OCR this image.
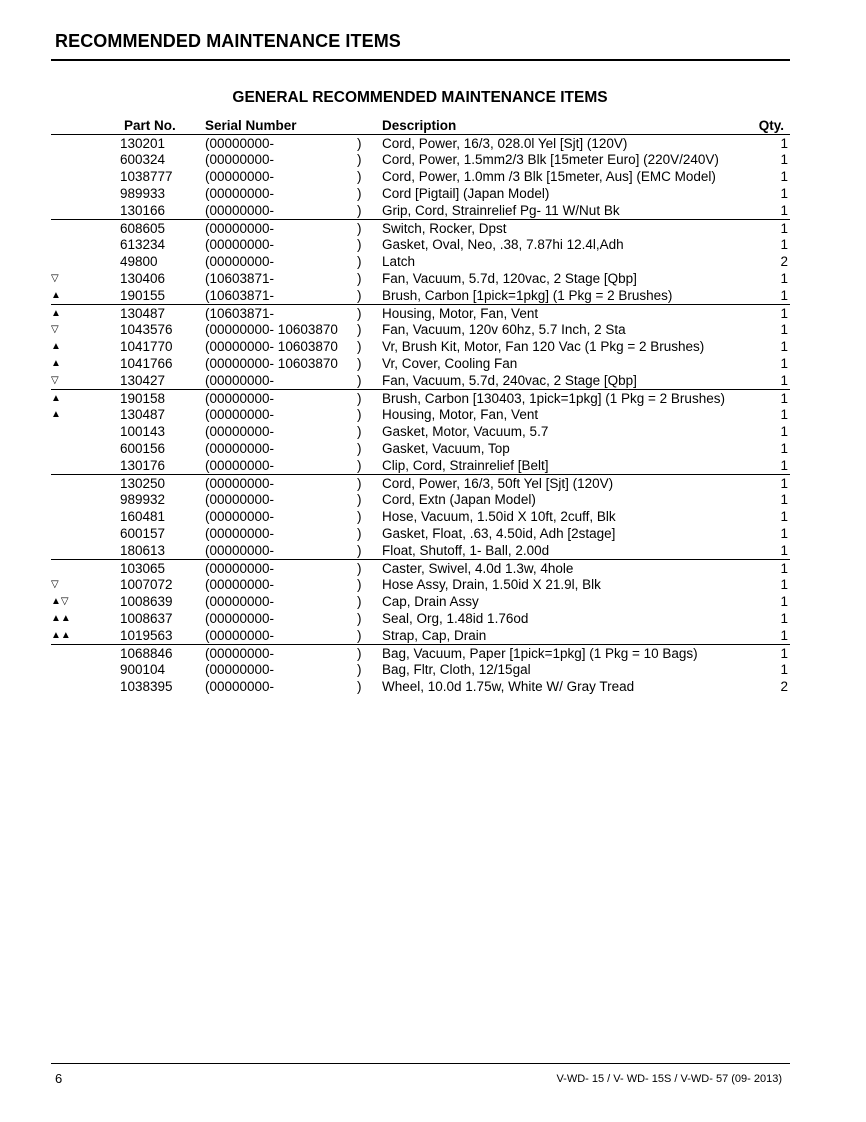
RECOMMENDED MAINTENANCE ITEMS
GENERAL RECOMMENDED MAINTENANCE ITEMS
Part No. Serial Number	Description	Qty.
130201	(00000000-	) Cord, Power, 16/3, 028.0l Yel [Sjt] (120V)	1
600324	(00000000-	) Cord, Power, 1.5mm2/3 Blk [15meter Euro] (220V/240V)	1
1038777 (00000000-	) Cord, Power, 1.0mm /3 Blk [15meter, Aus] (EMC Model)	1
989933	(00000000-	) Cord [Pigtail] (Japan Model)	1
130166	(00000000-	) Grip, Cord, Strainrelief Pg- 11 W/Nut Bk	1
608605	(00000000-	) Switch, Rocker, Dpst	1
613234	(00000000-	) Gasket, Oval, Neo, .38, 7.87hi 12.4l,Adh	1
49800	(00000000-	) Latch	2
▽	130406	(10603871-	) Fan, Vacuum, 5.7d, 120vac, 2 Stage [Qbp]	1
▲	190155	(10603871-	) Brush, Carbon [1pick=1pkg] (1 Pkg = 2 Brushes)	1
▲	130487	(10603871-	) Housing, Motor, Fan, Vent	1
▽	1043576 (00000000- 10603870 ) Fan, Vacuum, 120v 60hz, 5.7 Inch, 2 Sta	1
▲	1041770 (00000000- 10603870 ) Vr, Brush Kit, Motor, Fan 120 Vac (1 Pkg = 2 Brushes)	1
▲	1041766 (00000000- 10603870 ) Vr, Cover, Cooling Fan	1
▽	130427	(00000000-	) Fan, Vacuum, 5.7d, 240vac, 2 Stage [Qbp]	1
▲	190158	(00000000-	) Brush, Carbon [130403, 1pick=1pkg] (1 Pkg = 2 Brushes)	1
▲	130487	(00000000-	) Housing, Motor, Fan, Vent	1
100143	(00000000-	) Gasket, Motor, Vacuum, 5.7	1
600156	(00000000-	) Gasket, Vacuum, Top	1
130176	(00000000-	) Clip, Cord, Strainrelief [Belt]	1
130250	(00000000-	) Cord, Power, 16/3, 50ft Yel [Sjt] (120V)	1
989932	(00000000-	) Cord, Extn (Japan Model)	1
160481	(00000000-	) Hose, Vacuum, 1.50id X 10ft, 2cuff, Blk	1
600157	(00000000-	) Gasket, Float, .63, 4.50id, Adh [2stage]	1
180613	(00000000-	) Float, Shutoff, 1- Ball, 2.00d	1
103065	(00000000-	) Caster, Swivel, 4.0d 1.3w, 4hole	1
▽	1007072 (00000000-	) Hose Assy, Drain, 1.50id X 21.9l, Blk	1
▲▽	1008639 (00000000-	) Cap, Drain Assy	1
▲▲	1008637 (00000000-	) Seal, Org, 1.48id 1.76od	1
▲▲	1019563 (00000000-	) Strap, Cap, Drain	1
1068846 (00000000-	) Bag, Vacuum, Paper [1pick=1pkg] (1 Pkg = 10 Bags)	1
900104	(00000000-	) Bag, Fltr, Cloth, 12/15gal	1
1038395 (00000000-	) Wheel, 10.0d 1.75w, White W/ Gray Tread	2
6	V-WD- 15 / V- WD- 15S / V-WD- 57 (09- 2013)
